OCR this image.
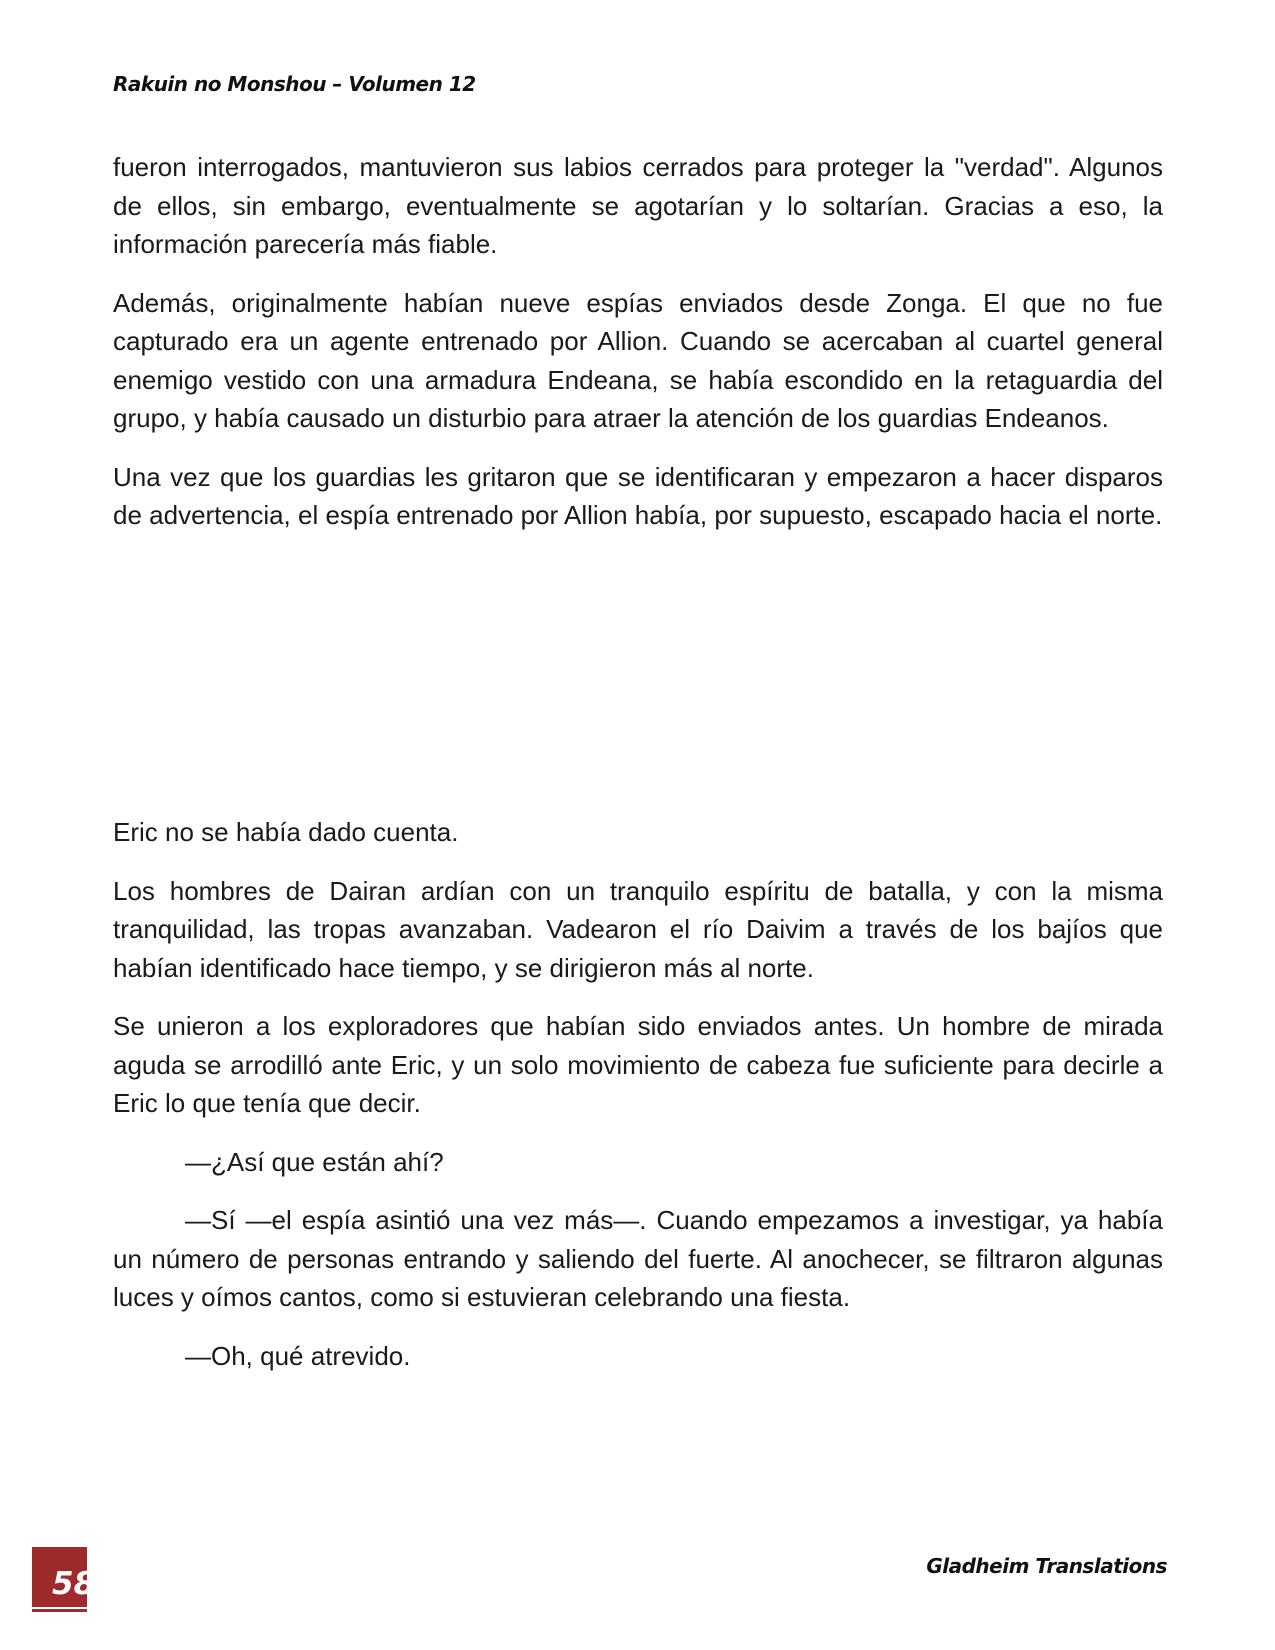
Rakuin no Monshou – Volumen 12

fueron interrogados, mantuvieron sus labios cerrados para proteger la "verdad". Algunos de ellos, sin embargo, eventualmente se agotarían y lo soltarían. Gracias a eso, la información parecería más fiable.

Además, originalmente habían nueve espías enviados desde Zonga. El que no fue capturado era un agente entrenado por Allion. Cuando se acercaban al cuartel general enemigo vestido con una armadura Endeana, se había escondido en la retaguardia del grupo, y había causado un disturbio para atraer la atención de los guardias Endeanos.

Una vez que los guardias les gritaron que se identificaran y empezaron a hacer disparos de advertencia, el espía entrenado por Allion había, por supuesto, escapado hacia el norte.

Eric no se había dado cuenta.

Los hombres de Dairan ardían con un tranquilo espíritu de batalla, y con la misma tranquilidad, las tropas avanzaban. Vadearon el río Daivim a través de los bajíos que habían identificado hace tiempo, y se dirigieron más al norte.

Se unieron a los exploradores que habían sido enviados antes. Un hombre de mirada aguda se arrodilló ante Eric, y un solo movimiento de cabeza fue suficiente para decirle a Eric lo que tenía que decir.

—¿Así que están ahí?

—Sí —el espía asintió una vez más—. Cuando empezamos a investigar, ya había un número de personas entrando y saliendo del fuerte. Al anochecer, se filtraron algunas luces y oímos cantos, como si estuvieran celebrando una fiesta.

—Oh, qué atrevido.

58	Gladheim Translations
